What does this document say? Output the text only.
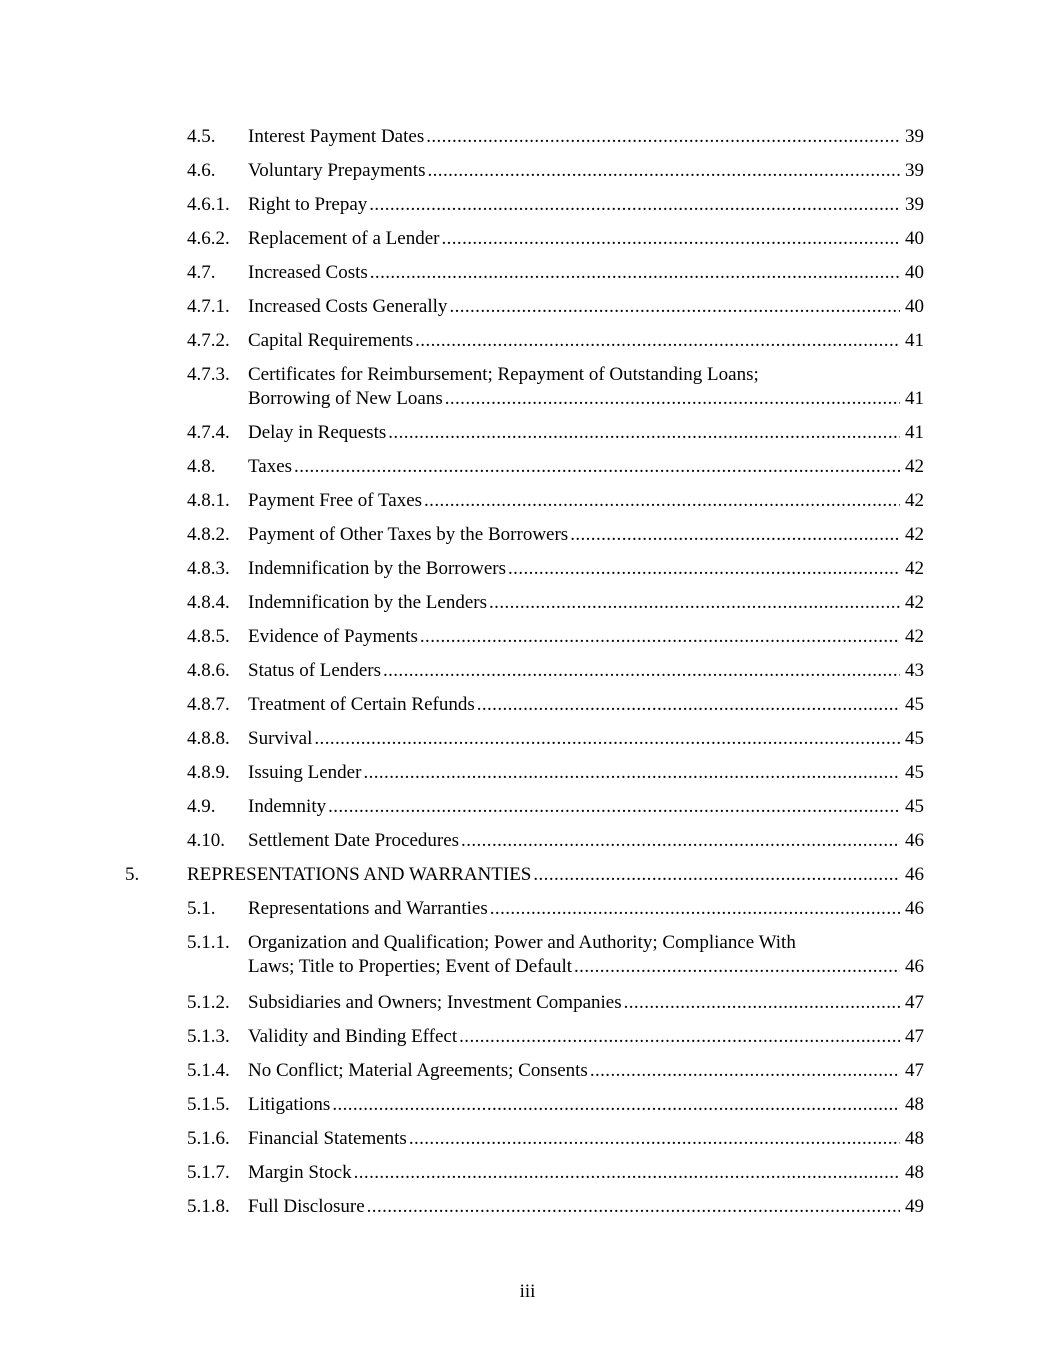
4.5. Interest Payment Dates .....	39
4.6. Voluntary Prepayments .....	39
4.6.1. Right to Prepay .....	39
4.6.2. Replacement of a Lender .....	40
4.7. Increased Costs .....	40
4.7.1. Increased Costs Generally .....	40
4.7.2. Capital Requirements .....	41
4.7.3. Certificates for Reimbursement; Repayment of Outstanding Loans;
Borrowing of New Loans .....	41
4.7.4. Delay in Requests .....	41
4.8. Taxes .....	42
4.8.1. Payment Free of Taxes .....	42
4.8.2. Payment of Other Taxes by the Borrowers .....	42
4.8.3. Indemnification by the Borrowers .....	42
4.8.4. Indemnification by the Lenders .....	42
4.8.5. Evidence of Payments .....	42
4.8.6. Status of Lenders .....	43
4.8.7. Treatment of Certain Refunds .....	45
4.8.8. Survival .....	45
4.8.9. Issuing Lender .....	45
4.9. Indemnity .....	45
4.10. Settlement Date Procedures .....	46
5.	REPRESENTATIONS AND WARRANTIES .....	46
5.1. Representations and Warranties .....	46
5.1.1. Organization and Qualification; Power and Authority; Compliance With
Laws; Title to Properties; Event of Default .....	46
5.1.2. Subsidiaries and Owners; Investment Companies .....	47
5.1.3. Validity and Binding Effect .....	47
5.1.4. No Conflict; Material Agreements; Consents .....	47
5.1.5. Litigations .....	48
5.1.6. Financial Statements .....	48
5.1.7. Margin Stock .....	48
5.1.8. Full Disclosure .....	49
iii
